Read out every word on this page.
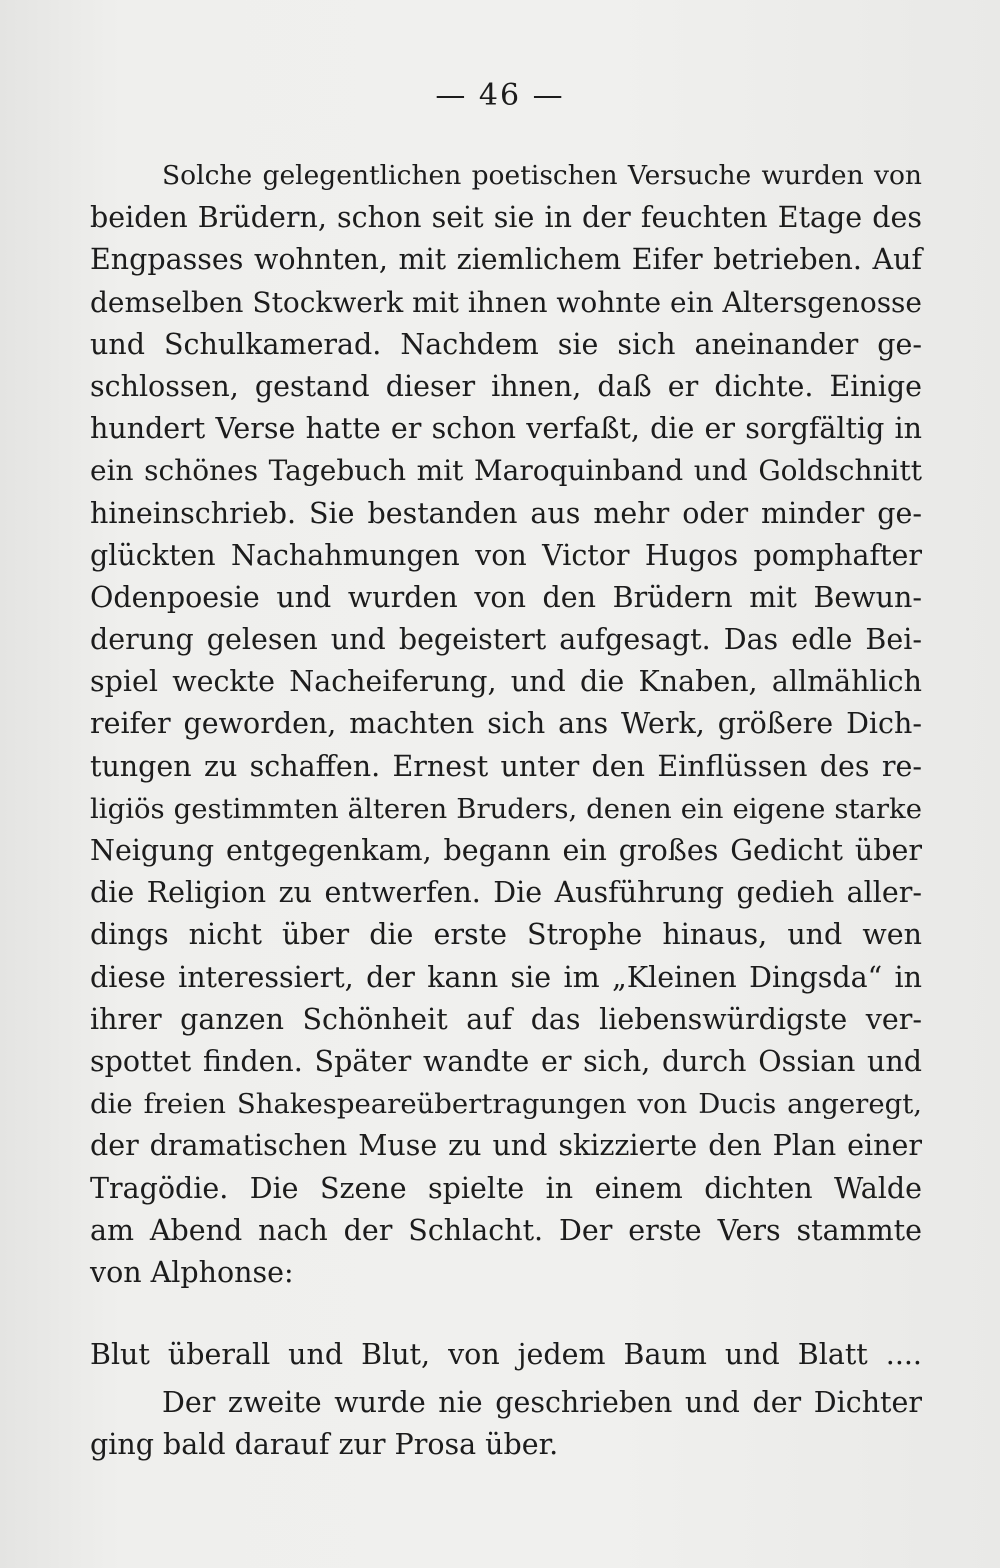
— 46 —
Solche gelegentlichen poetischen Versuche wurden von
beiden Brüdern, schon seit sie in der feuchten Etage des
Engpasses wohnten, mit ziemlichem Eifer betrieben. Auf
demselben Stockwerk mit ihnen wohnte ein Altersgenosse
und Schulkamerad. Nachdem sie sich aneinander ge-
schlossen, gestand dieser ihnen, daß er dichte. Einige
hundert Verse hatte er schon verfaßt, die er sorgfältig in
ein schönes Tagebuch mit Maroquinband und Goldschnitt
hineinschrieb. Sie bestanden aus mehr oder minder ge-
glückten Nachahmungen von Victor Hugos pomphafter
Odenpoesie und wurden von den Brüdern mit Bewun-
derung gelesen und begeistert aufgesagt. Das edle Bei-
spiel weckte Nacheiferung, und die Knaben, allmählich
reifer geworden, machten sich ans Werk, größere Dich-
tungen zu schaffen. Ernest unter den Einflüssen des re-
ligiös gestimmten älteren Bruders, denen ein eigene starke
Neigung entgegenkam, begann ein großes Gedicht über
die Religion zu entwerfen. Die Ausführung gedieh aller-
dings nicht über die erste Strophe hinaus, und wen
diese interessiert, der kann sie im „Kleinen Dingsda“ in
ihrer ganzen Schönheit auf das liebenswürdigste ver-
spottet finden. Später wandte er sich, durch Ossian und
die freien Shakespeareübertragungen von Ducis angeregt,
der dramatischen Muse zu und skizzierte den Plan einer
Tragödie. Die Szene spielte in einem dichten Walde
am Abend nach der Schlacht. Der erste Vers stammte
von Alphonse:
Blut überall und Blut, von jedem Baum und Blatt ....
Der zweite wurde nie geschrieben und der Dichter
ging bald darauf zur Prosa über.
